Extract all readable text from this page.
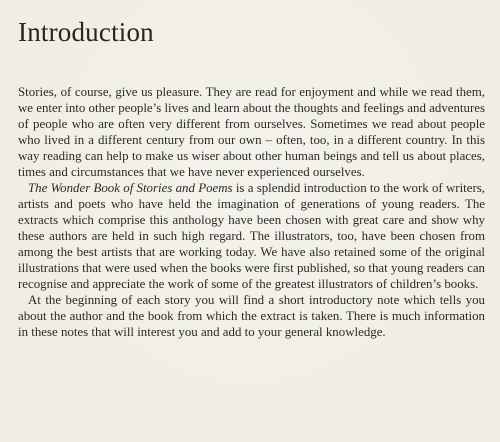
Introduction

Stories, of course, give us pleasure. They are read for enjoyment and while we read them, we enter into other people’s lives and learn about the thoughts and feelings and adventures of people who are often very different from ourselves. Sometimes we read about people who lived in a different century from our own – often, too, in a different country. In this way reading can help to make us wiser about other human beings and tell us about places, times and circumstances that we have never experienced ourselves.

The Wonder Book of Stories and Poems is a splendid introduction to the work of writers, artists and poets who have held the imagination of generations of young readers. The extracts which comprise this anthology have been chosen with great care and show why these authors are held in such high regard. The illustrators, too, have been chosen from among the best artists that are working today. We have also retained some of the original illustrations that were used when the books were first published, so that young readers can recognise and appreciate the work of some of the greatest illustrators of children’s books.

At the beginning of each story you will find a short introductory note which tells you about the author and the book from which the extract is taken. There is much information in these notes that will interest you and add to your general knowledge.

·
